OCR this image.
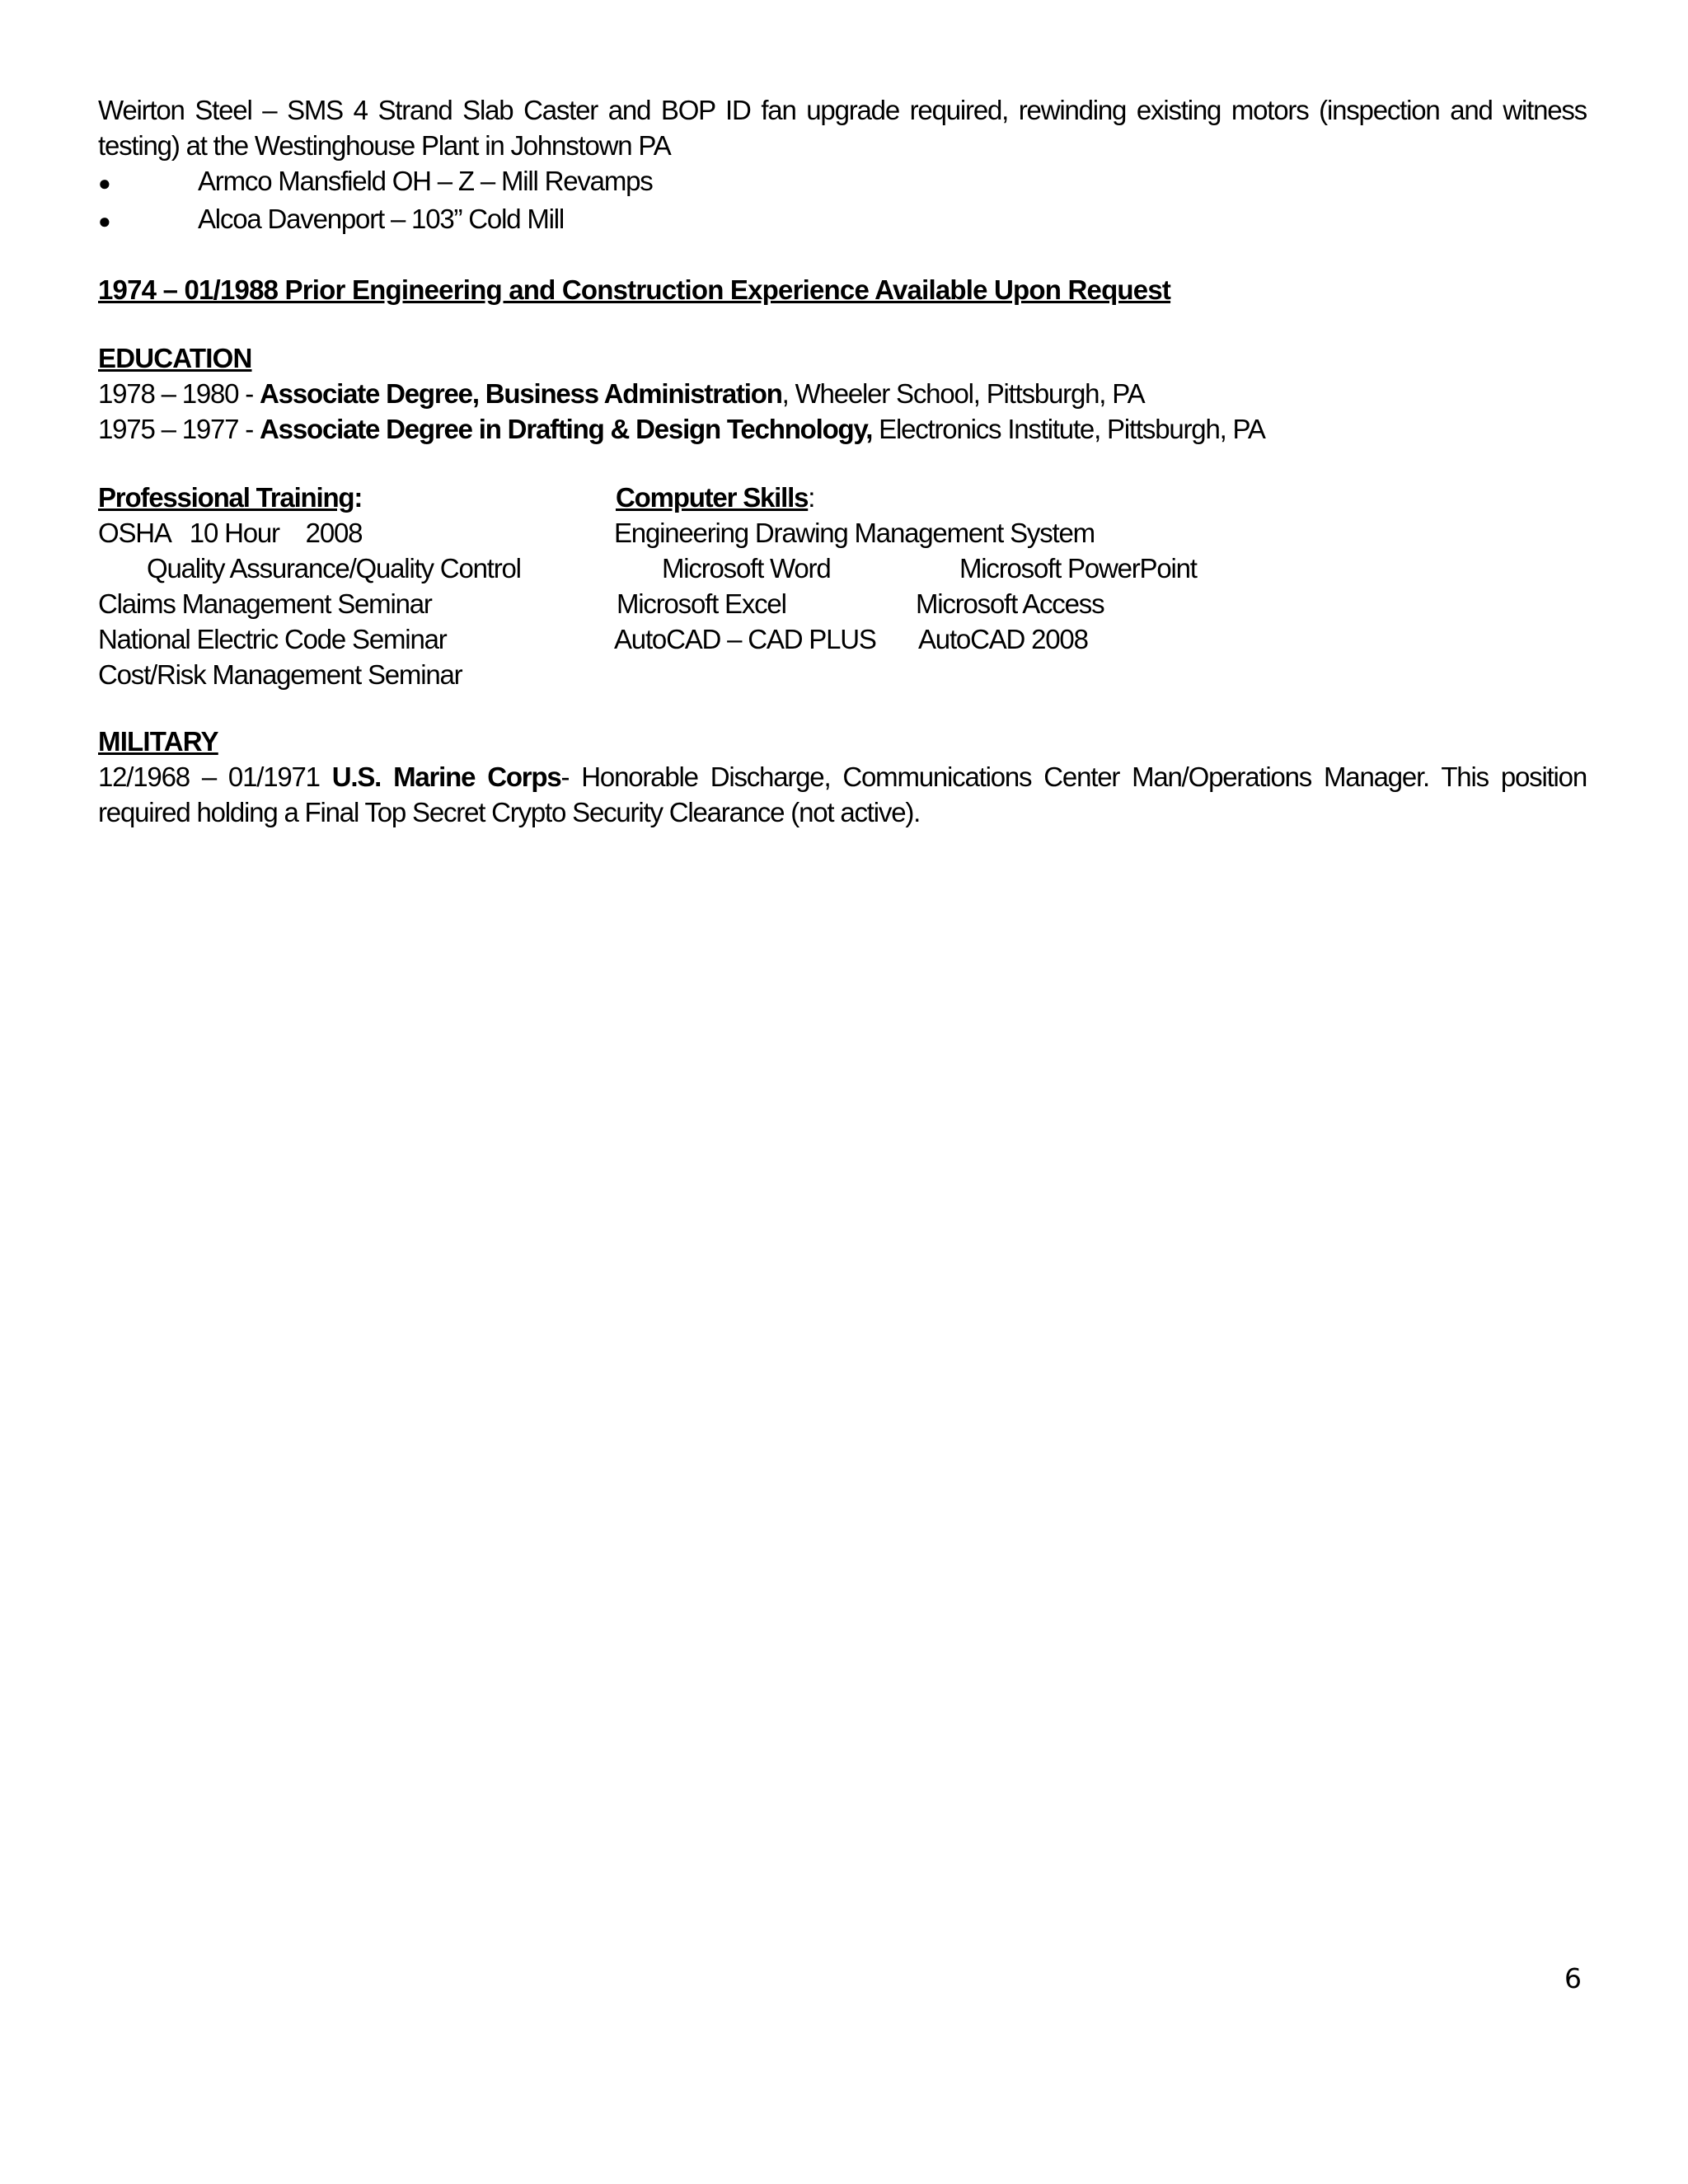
Weirton Steel – SMS 4 Strand Slab Caster and BOP ID fan upgrade required, rewinding existing motors (inspection and witness testing) at the Westinghouse Plant in Johnstown PA

●	Armco Mansfield OH – Z – Mill Revamps
●	Alcoa Davenport – 103” Cold Mill

1974 – 01/1988 Prior Engineering and Construction Experience Available Upon Request

EDUCATION

1978 – 1980 - Associate Degree, Business Administration, Wheeler School, Pittsburgh, PA

1975 – 1977 - Associate Degree in Drafting & Design Technology, Electronics Institute, Pittsburgh, PA

Professional Training:	Computer Skills:
OSHA   10 Hour    2008	Engineering Drawing Management System
Quality Assurance/Quality Control	Microsoft Word	Microsoft PowerPoint
Claims Management Seminar	Microsoft Excel	Microsoft Access
National Electric Code Seminar	AutoCAD – CAD PLUS AutoCAD 2008
Cost/Risk Management Seminar

MILITARY

12/1968 – 01/1971 U.S. Marine Corps- Honorable Discharge, Communications Center Man/Operations Manager. This position required holding a Final Top Secret Crypto Security Clearance (not active).

6
